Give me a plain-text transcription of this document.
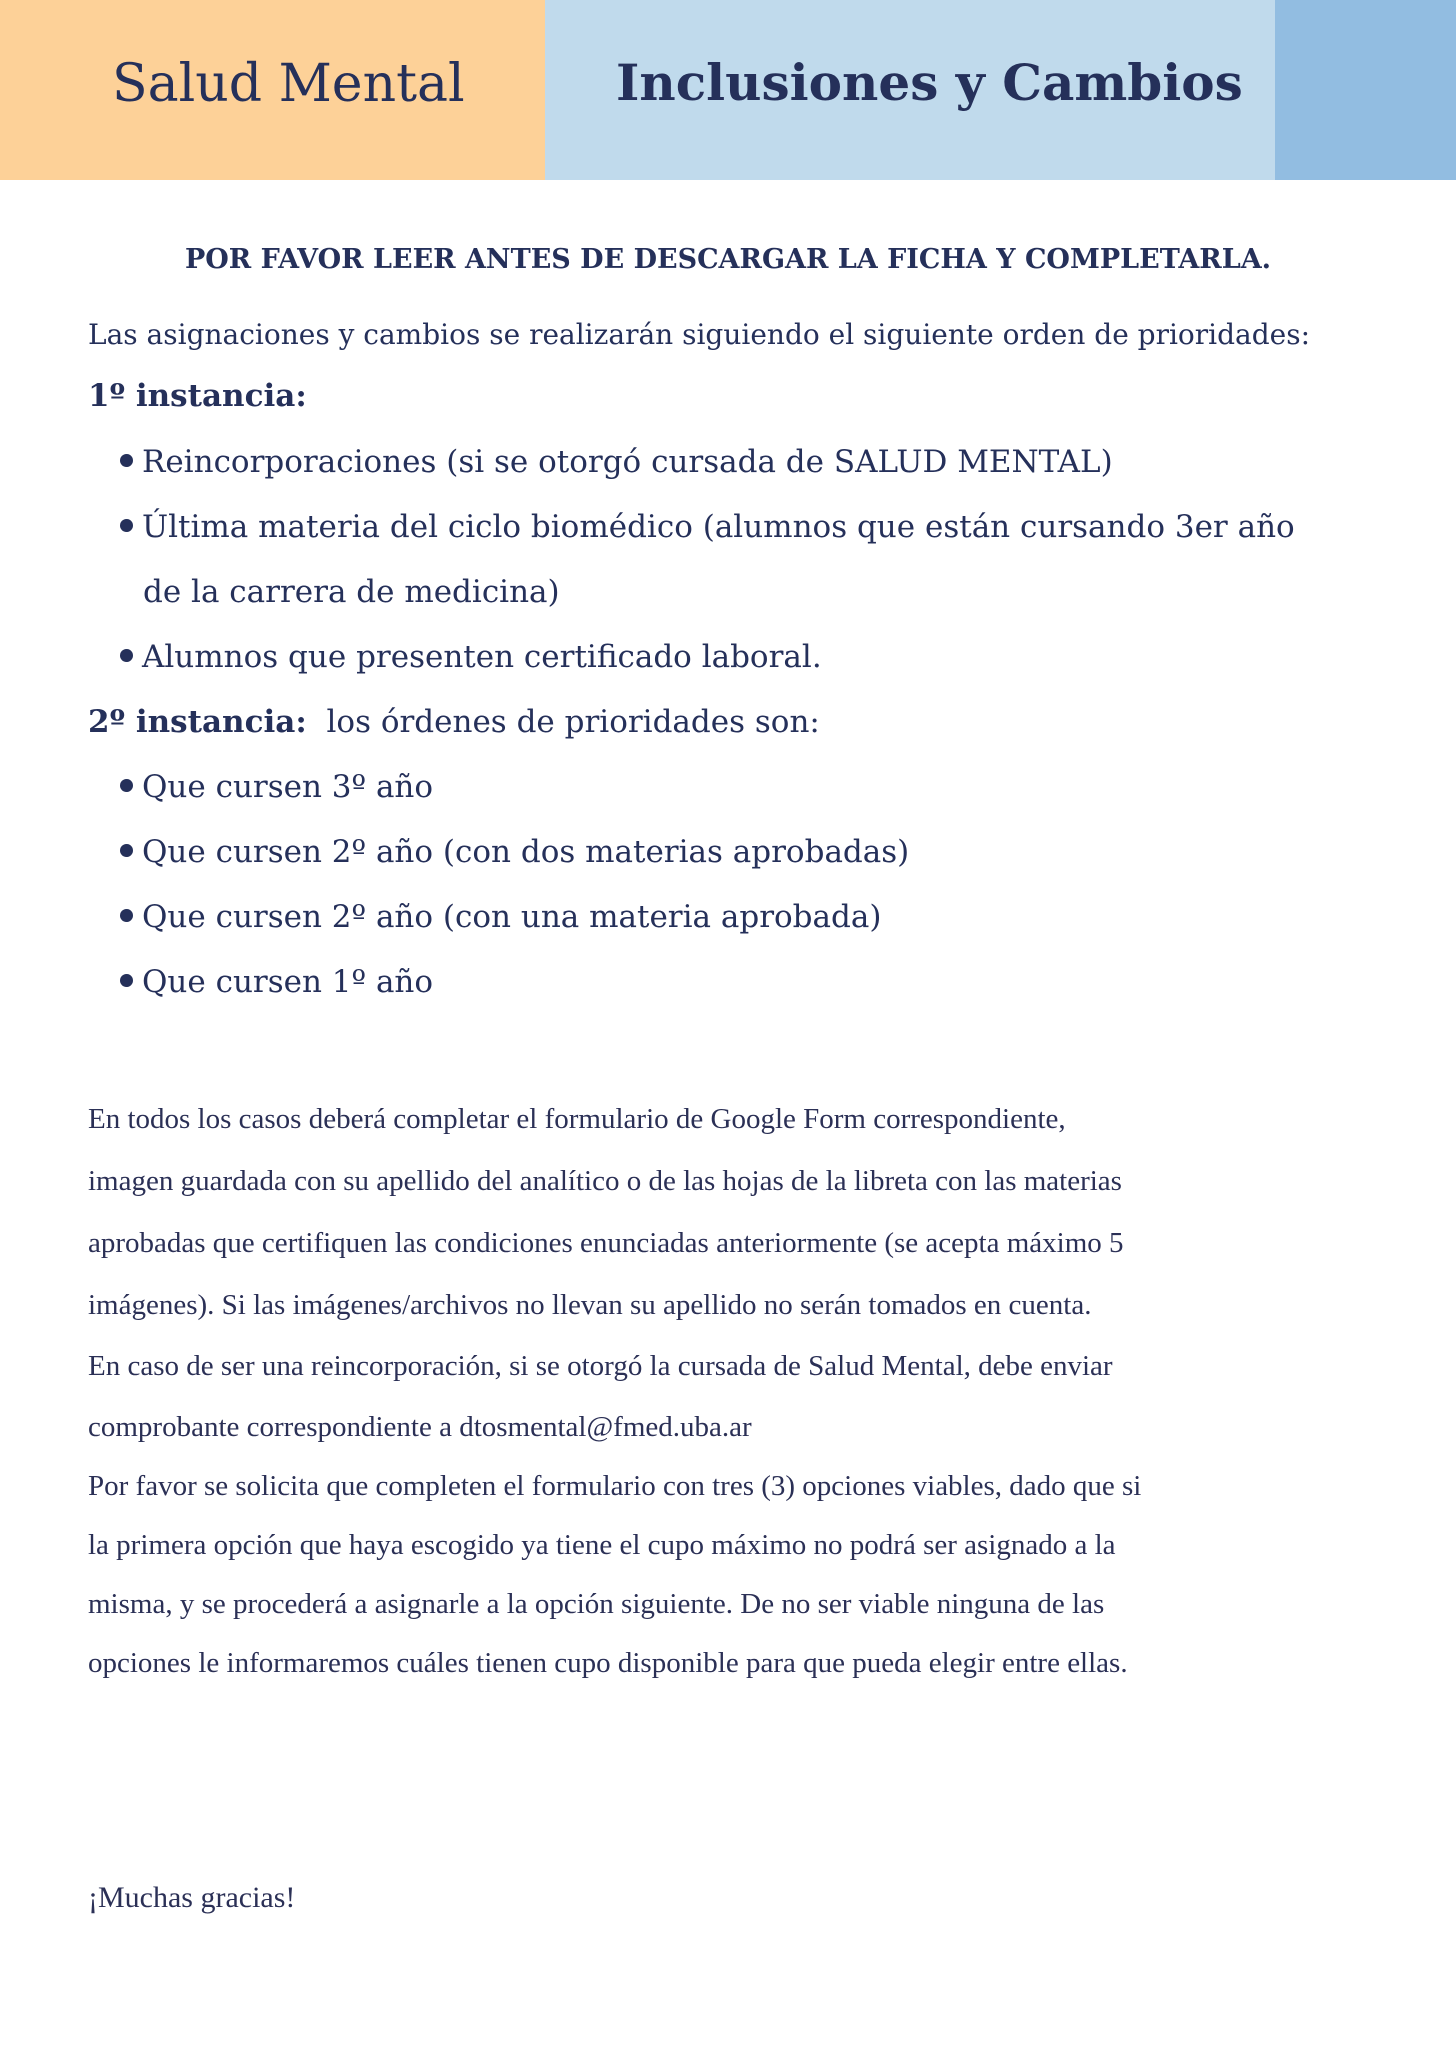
Salud Mental	Inclusiones y Cambios
POR FAVOR LEER ANTES DE DESCARGAR LA FICHA Y COMPLETARLA.
Las asignaciones y cambios se realizarán siguiendo el siguiente orden de prioridades:
1º instancia:
Reincorporaciones (si se otorgó cursada de SALUD MENTAL)
Última materia del ciclo biomédico (alumnos que están cursando 3er año
de la carrera de medicina)
Alumnos que presenten certificado laboral.
2º instancia: los órdenes de prioridades son:
Que cursen 3º año
Que cursen 2º año (con dos materias aprobadas)
Que cursen 2º año (con una materia aprobada)
Que cursen 1º año
En todos los casos deberá completar el formulario de Google Form correspondiente,
imagen guardada con su apellido del analítico o de las hojas de la libreta con las materias
aprobadas que certifiquen las condiciones enunciadas anteriormente (se acepta máximo 5
imágenes). Si las imágenes/archivos no llevan su apellido no serán tomados en cuenta.
En caso de ser una reincorporación, si se otorgó la cursada de Salud Mental, debe enviar
comprobante correspondiente a dtosmental@fmed.uba.ar
Por favor se solicita que completen el formulario con tres (3) opciones viables, dado que si
la primera opción que haya escogido ya tiene el cupo máximo no podrá ser asignado a la
misma, y se procederá a asignarle a la opción siguiente. De no ser viable ninguna de las
opciones le informaremos cuáles tienen cupo disponible para que pueda elegir entre ellas.
¡Muchas gracias!
